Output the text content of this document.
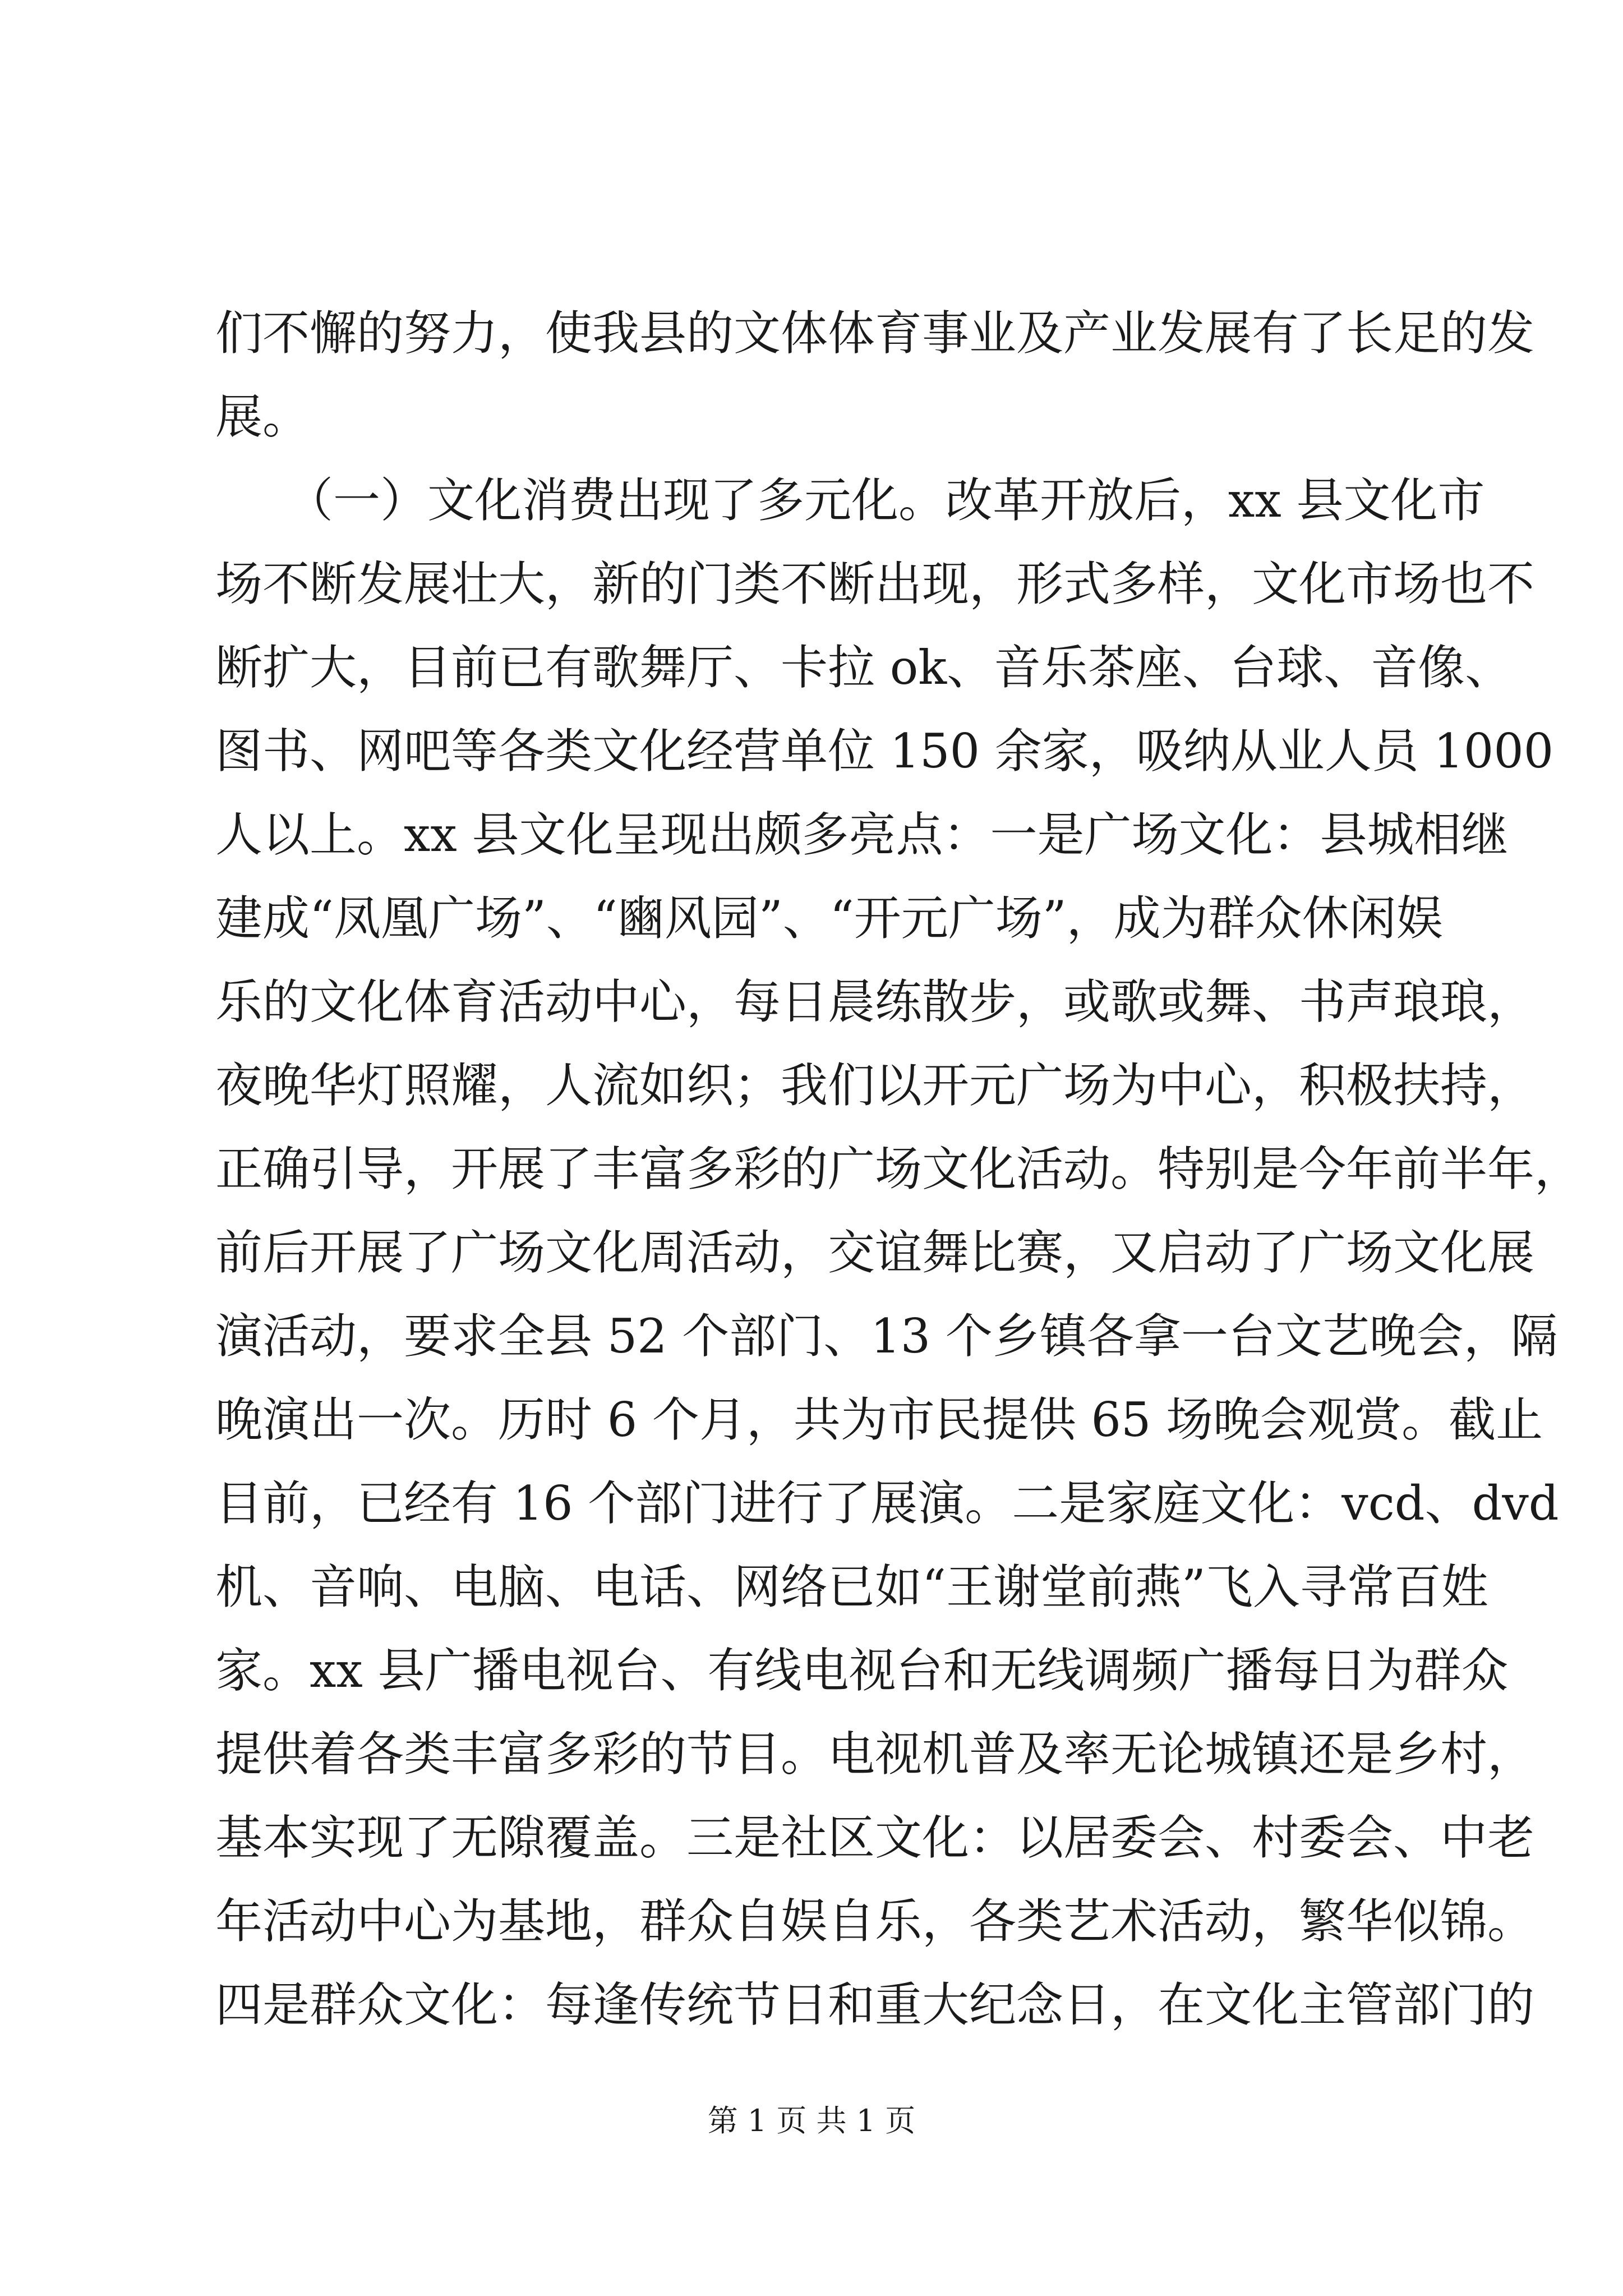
们不懈的努力，使我县的文体体育事业及产业发展有了长足的发
展。
　　（一）文化消费出现了多元化。改革开放后，xx 县文化市
场不断发展壮大，新的门类不断出现，形式多样，文化市场也不
断扩大，目前已有歌舞厅、卡拉 ok、音乐茶座、台球、音像、
图书、网吧等各类文化经营单位 150 余家，吸纳从业人员 1000
人以上。xx 县文化呈现出颇多亮点：一是广场文化：县城相继
建成“凤凰广场”、“豳风园”、“开元广场”，成为群众休闲娱
乐的文化体育活动中心，每日晨练散步，或歌或舞、书声琅琅，
夜晚华灯照耀，人流如织；我们以开元广场为中心，积极扶持，
正确引导，开展了丰富多彩的广场文化活动。特别是今年前半年，
前后开展了广场文化周活动，交谊舞比赛，又启动了广场文化展
演活动，要求全县 52 个部门、13 个乡镇各拿一台文艺晚会，隔
晚演出一次。历时 6 个月，共为市民提供 65 场晚会观赏。截止
目前，已经有 16 个部门进行了展演。二是家庭文化：vcd、dvd
机、音响、电脑、电话、网络已如“王谢堂前燕”飞入寻常百姓
家。xx 县广播电视台、有线电视台和无线调频广播每日为群众
提供着各类丰富多彩的节目。电视机普及率无论城镇还是乡村，
基本实现了无隙覆盖。三是社区文化：以居委会、村委会、中老
年活动中心为基地，群众自娱自乐，各类艺术活动，繁华似锦。
四是群众文化：每逢传统节日和重大纪念日，在文化主管部门的
第 1 页 共 1 页
